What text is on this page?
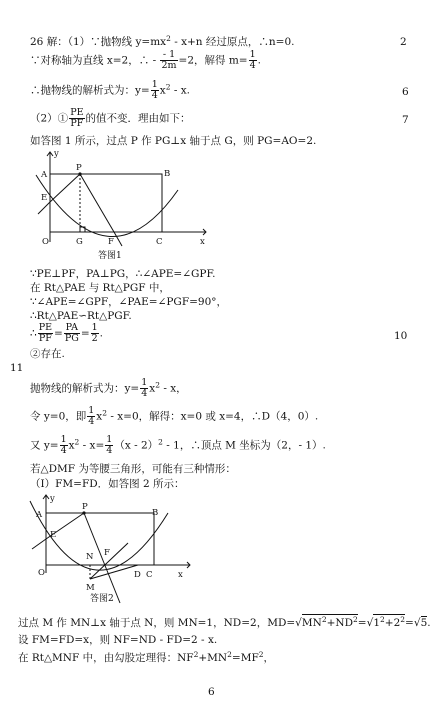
2
6
7
10
11
6
26 解：（1）∵抛物线 $y=mx^2 - x+n$ 经过原点，∴n=0.
∵对称轴为直线 x=2，∴ - $\frac{- 1}{2m} =2$，解得 $m= \frac{1}{4}$ .
∴抛物线的解析式为：$y= \frac{1}{4} x^2 - x$.
（2）① $\frac{PE}{PF}$ 的值不变．理由如下：
如答图 1 所示，过点 P 作 PG⊥x 轴于点 G，则 PG=AO=2.
y
A
P
B
E
O	G	F	C	x
答图1
∵PE⊥PF，PA⊥PG，∴∠APE=∠GPF.
在 Rt△PAE 与 Rt△PGF 中，
∵∠APE=∠GPF，∠PAE=∠PGF=90°，
∴Rt△PAE∽Rt△PGF.
∴ $\frac{PE}{PF} = \frac{PA}{PG} = \frac{1}{2}$ .
②存在.
抛物线的解析式为：$y= \frac{1}{4} x^2 - x$，
令 y=0，即 $\frac{1}{4} x^2 - x=0$，解得：x=0 或 x=4，∴D（4，0）.
又 $y= \frac{1}{4} x^2 - x= \frac{1}{4} (x - 2)^2 - 1$，∴顶点 M 坐标为（2，- 1）.
若△DMF 为等腰三角形，可能有三种情形：
（I）FM=FD．如答图 2 所示：
y
A
P
B
E
O
N F
D C	x
M
答图2
过点 M 作 MN⊥x 轴于点 N，则 MN=1，ND=2，$MD=√MN^2+ND^2=√1^2+2^2=√5$.
设 FM=FD=x，则 NF=ND - FD=2 - x.
在 Rt△MNF 中，由勾股定理得：$NF^2+MN^2=MF^2$，
